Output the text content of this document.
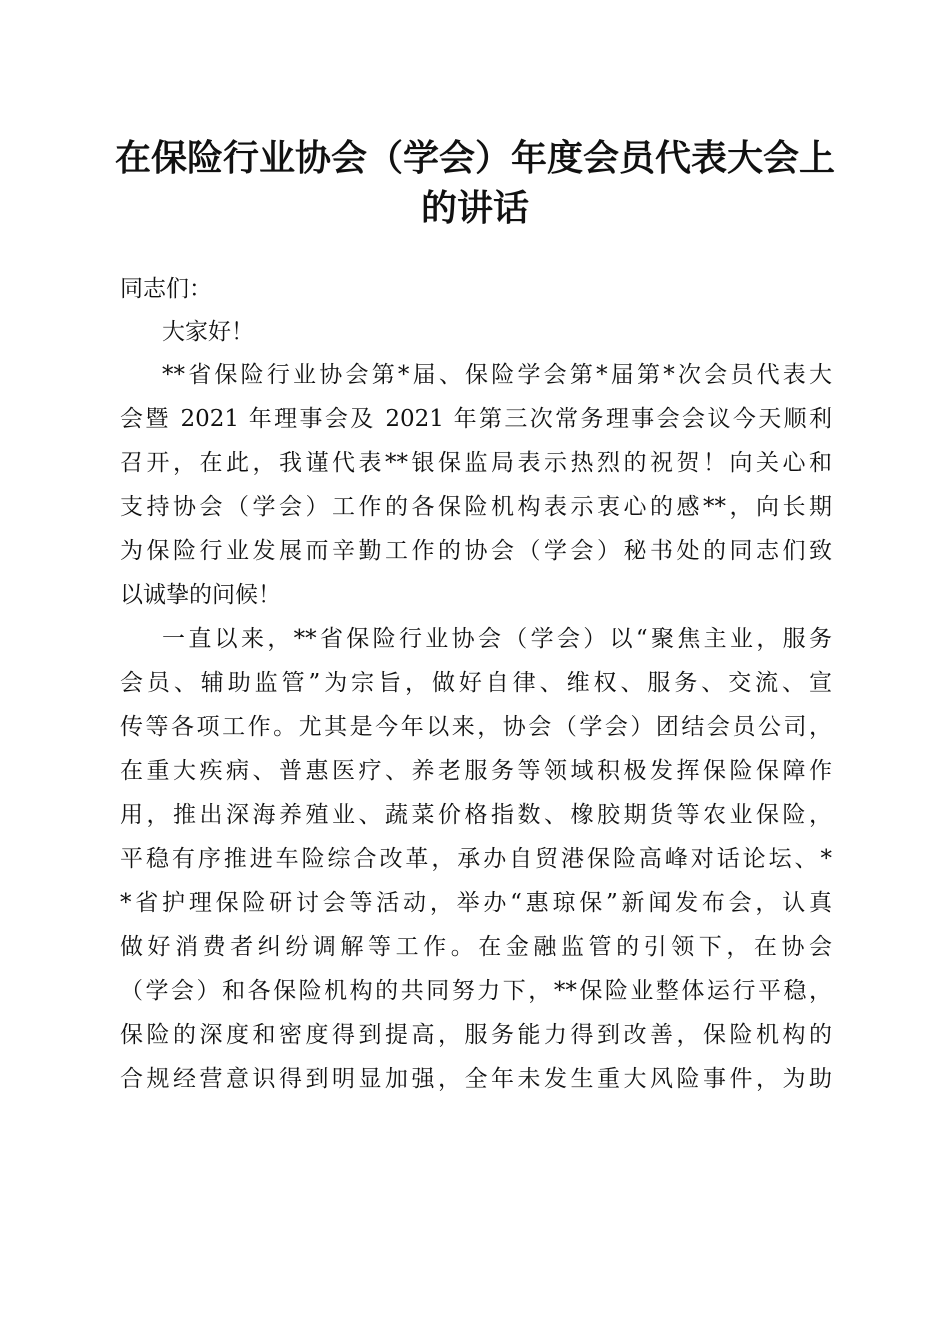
在保险行业协会（学会）年度会员代表大会上
的讲话
同志们：
大家好！
**省保险行业协会第*届、保险学会第*届第*次会员代表大
会暨 2021 年理事会及 2021 年第三次常务理事会会议今天顺利
召开，在此，我谨代表**银保监局表示热烈的祝贺！向关心和
支持协会（学会）工作的各保险机构表示衷心的感**，向长期
为保险行业发展而辛勤工作的协会（学会）秘书处的同志们致
以诚挚的问候！
一直以来，**省保险行业协会（学会）以“聚焦主业，服务
会员、辅助监管”为宗旨，做好自律、维权、服务、交流、宣
传等各项工作。尤其是今年以来，协会（学会）团结会员公司，
在重大疾病、普惠医疗、养老服务等领域积极发挥保险保障作
用，推出深海养殖业、蔬菜价格指数、橡胶期货等农业保险，
平稳有序推进车险综合改革，承办自贸港保险高峰对话论坛、*
*省护理保险研讨会等活动，举办“惠琼保”新闻发布会，认真
做好消费者纠纷调解等工作。在金融监管的引领下，在协会
（学会）和各保险机构的共同努力下，**保险业整体运行平稳，
保险的深度和密度得到提高，服务能力得到改善，保险机构的
合规经营意识得到明显加强，全年未发生重大风险事件，为助
